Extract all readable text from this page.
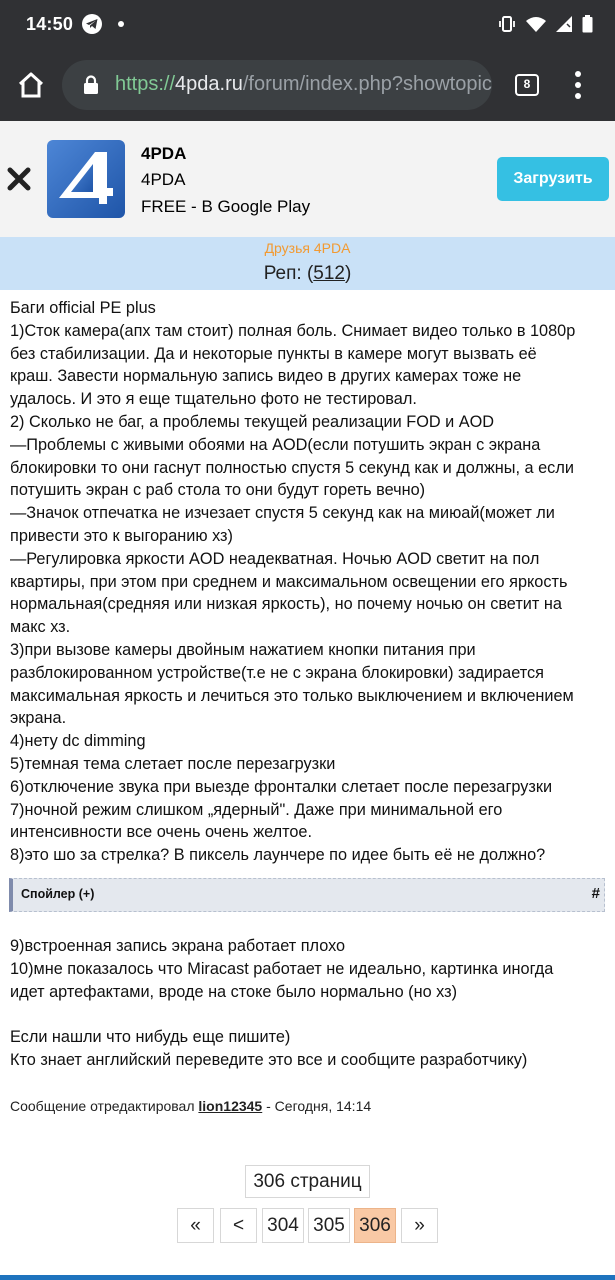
14:50
https://4pda.ru/forum/index.php?showtopic	8
4PDA
4PDA
FREE - В Google Play
Загрузить
Друзья 4PDA
Реп: (512)
Баги official PE plus
1)Сток камера(апх там стоит) полная боль. Снимает видео только в 1080p
без стабилизации. Да и некоторые пункты в камере могут вызвать её
краш. Завести нормальную запись видео в других камерах тоже не
удалось. И это я еще тщательно фото не тестировал.
2) Сколько не баг, а проблемы текущей реализации FOD и AOD
—Проблемы с живыми обоями на AOD(если потушить экран с экрана
блокировки то они гаснут полностью спустя 5 секунд как и должны, а если
потушить экран с раб стола то они будут гореть вечно)
—Значок отпечатка не изчезает спустя 5 секунд как на миюай(может ли
привести это к выгоранию хз)
—Регулировка яркости AOD неадекватная. Ночью AOD светит на пол
квартиры, при этом при среднем и максимальном освещении его яркость
нормальная(средняя или низкая яркость), но почему ночью он светит на
макс хз.
3)при вызове камеры двойным нажатием кнопки питания при
разблокированном устройстве(т.е не с экрана блокировки) задирается
максимальная яркость и лечиться это только выключением и включением
экрана.
4)нету dc dimming
5)темная тема слетает после перезагрузки
6)отключение звука при выезде фронталки слетает после перезагрузки
7)ночной режим слишком „ядерный". Даже при минимальной его
интенсивности все очень очень желтое.
8)это шо за стрелка? В пиксель лаунчере по идее быть её не должно?
Спойлер (+)	#
9)встроенная запись экрана работает плохо
10)мне показалось что Miracast работает не идеально, картинка иногда
идет артефактами, вроде на стоке было нормально (но хз)
Если нашли что нибудь еще пишите)
Кто знает английский переведите это все и сообщите разработчику)
Сообщение отредактировал lion12345 - Сегодня, 14:14
306 страниц
«	<	304 305 306	»
